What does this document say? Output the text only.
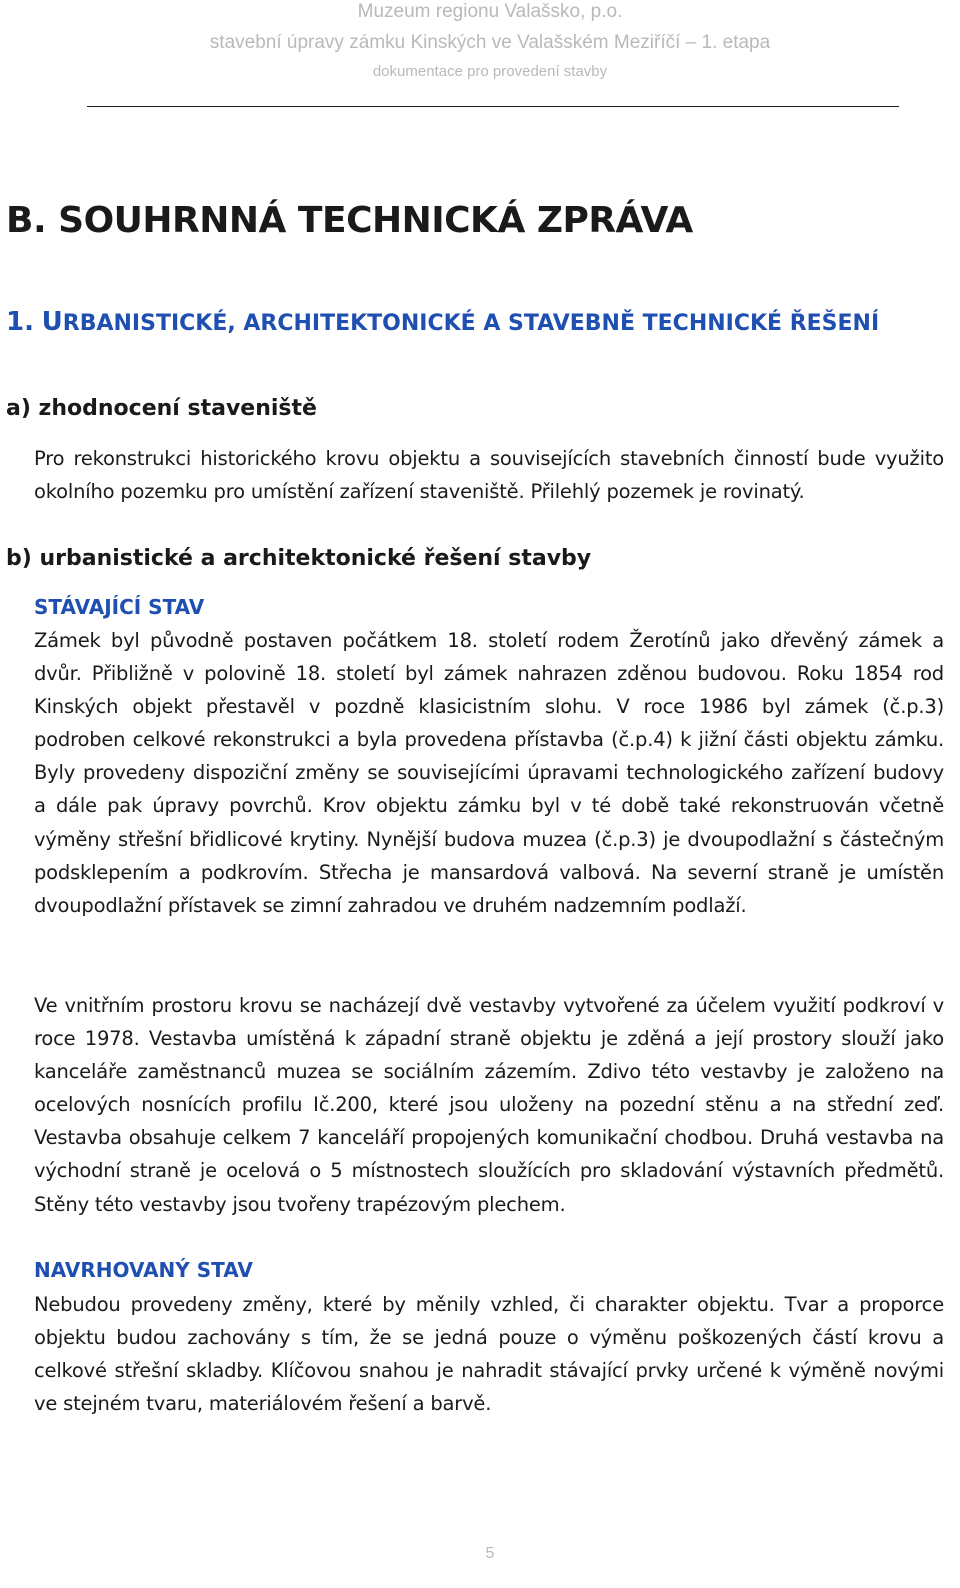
Muzeum regionu Valašsko, p.o.
stavební úpravy zámku Kinských ve Valašském Meziříčí – 1. etapa
dokumentace pro provedení stavby
B. SOUHRNNÁ TECHNICKÁ ZPRÁVA
1. URBANISTICKÉ, ARCHITEKTONICKÉ A STAVEBNĚ TECHNICKÉ ŘEŠENÍ
a) zhodnocení staveniště

Pro rekonstrukci historického krovu objektu a souvisejících stavebních činností bude využito okolního pozemku pro umístění zařízení staveniště. Přilehlý pozemek je rovinatý.

b) urbanistické a architektonické řešení stavby
STÁVAJÍCÍ STAV

Zámek byl původně postaven počátkem 18. století rodem Žerotínů jako dřevěný zámek a dvůr. Přibližně v polovině 18. století byl zámek nahrazen zděnou budovou. Roku 1854 rod Kinských objekt přestavěl v pozdně klasicistním slohu. V roce 1986 byl zámek (č.p.3) podroben celkové rekonstrukci a byla provedena přístavba (č.p.4) k jižní části objektu zámku. Byly provedeny dispoziční změny se souvisejícími úpravami technologického zařízení budovy a dále pak úpravy povrchů. Krov objektu zámku byl v té době také rekonstruován včetně výměny střešní břidlicové krytiny. Nynější budova muzea (č.p.3) je dvoupodlažní s částečným podsklepením a podkrovím. Střecha je mansardová valbová. Na severní straně je umístěn dvoupodlažní přístavek se zimní zahradou ve druhém nadzemním podlaží.

Ve vnitřním prostoru krovu se nacházejí dvě vestavby vytvořené za účelem využití podkroví v roce 1978. Vestavba umístěná k západní straně objektu je zděná a její prostory slouží jako kanceláře zaměstnanců muzea se sociálním zázemím. Zdivo této vestavby je založeno na ocelových nosnících profilu Ič.200, které jsou uloženy na pozední stěnu a na střední zeď. Vestavba obsahuje celkem 7 kanceláří propojených komunikační chodbou. Druhá vestavba na východní straně je ocelová o 5 místnostech sloužících pro skladování výstavních předmětů. Stěny této vestavby jsou tvořeny trapézovým plechem.

NAVRHOVANÝ STAV

Nebudou provedeny změny, které by měnily vzhled, či charakter objektu. Tvar a proporce objektu budou zachovány s tím, že se jedná pouze o výměnu poškozených částí krovu a celkové střešní skladby. Klíčovou snahou je nahradit stávající prvky určené k výměně novými ve stejném tvaru, materiálovém řešení a barvě.

5
